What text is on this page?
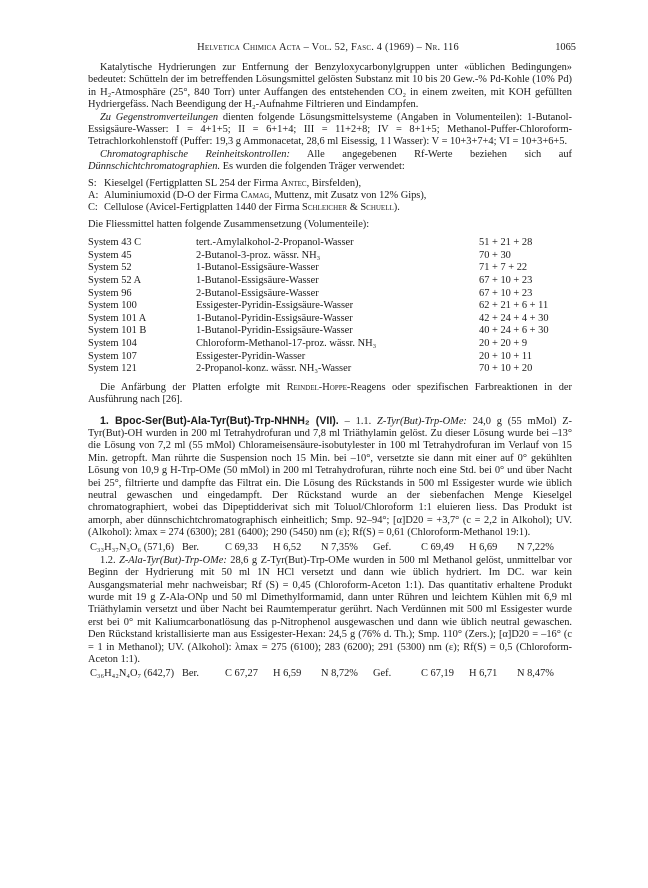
Helvetica Chimica Acta – Vol. 52, Fasc. 4 (1969) – Nr. 116	1065

Katalytische Hydrierungen zur Entfernung der Benzyloxycarbonylgruppen unter «üblichen Bedingungen» bedeutet: Schütteln der im betreffenden Lösungsmittel gelösten Substanz mit 10 bis 20 Gew.-% Pd-Kohle (10% Pd) in H₂-Atmosphäre (25°, 840 Torr) unter Auffangen des entstehenden CO₂ in einem zweiten, mit KOH gefüllten Hydriergefäss. Nach Beendigung der H₂-Aufnahme Filtrieren und Eindampfen.

Zu Gegenstromverteilungen dienten folgende Lösungsmittelsysteme (Angaben in Volumenteilen): 1-Butanol-Essigsäure-Wasser: I = 4+1+5; II = 6+1+4; III = 11+2+8; IV = 8+1+5; Methanol-Puffer-Chloroform-Tetrachlorkohlenstoff (Puffer: 19,3 g Ammonacetat, 28,6 ml Eisessig, 1 l Wasser): V = 10+3+7+4; VI = 10+3+6+5.

Chromatographische Reinheitskontrollen: Alle angegebenen Rf-Werte beziehen sich auf Dünnschichtchromatographien. Es wurden die folgenden Träger verwendet:

S: Kieselgel (Fertigplatten SL 254 der Firma Antec, Birsfelden),
A: Aluminiumoxid (D-O der Firma Camag, Muttenz, mit Zusatz von 12% Gips),
C: Cellulose (Avicel-Fertigplatten 1440 der Firma Schleicher & Schuell).

Die Fliessmittel hatten folgende Zusammensetzung (Volumenteile):

System 43 C	tert.-Amylalkohol-2-Propanol-Wasser	51 + 21 + 28
System 45	2-Butanol-3-proz. wässr. NH₃	70 + 30
System 52	1-Butanol-Essigsäure-Wasser	71 + 7 + 22
System 52 A	1-Butanol-Essigsäure-Wasser	67 + 10 + 23
System 96	2-Butanol-Essigsäure-Wasser	67 + 10 + 23
System 100	Essigester-Pyridin-Essigsäure-Wasser	62 + 21 + 6 + 11
System 101 A	1-Butanol-Pyridin-Essigsäure-Wasser	42 + 24 + 4 + 30
System 101 B	1-Butanol-Pyridin-Essigsäure-Wasser	40 + 24 + 6 + 30
System 104	Chloroform-Methanol-17-proz. wässr. NH₃	20 + 20 + 9
System 107	Essigester-Pyridin-Wasser	20 + 10 + 11
System 121	2-Propanol-konz. wässr. NH₃-Wasser	70 + 10 + 20

Die Anfärbung der Platten erfolgte mit Reindel-Hoppe-Reagens oder spezifischen Farbreaktionen in der Ausführung nach [26].

1. Bpoc-Ser(But)-Ala-Tyr(But)-Trp-NHNH₂ (VII). – 1.1. Z-Tyr(But)-Trp-OMe: 24,0 g (55 mMol) Z-Tyr(But)-OH wurden in 200 ml Tetrahydrofuran und 7,8 ml Triäthylamin gelöst. Zu dieser Lösung wurde bei –13° die Lösung von 7,2 ml (55 mMol) Chlorameisensäure-isobutylester in 100 ml Tetrahydrofuran im Verlauf von 15 Min. getropft. Man rührte die Suspension noch 15 Min. bei –10°, versetzte sie dann mit einer auf 0° gekühlten Lösung von 10,9 g H-Trp-OMe (50 mMol) in 200 ml Tetrahydrofuran, rührte noch eine Std. bei 0° und über Nacht bei 25°, filtrierte und dampfte das Filtrat ein. Die Lösung des Rückstands in 500 ml Essigester wurde wie üblich neutral gewaschen und eingedampft. Der Rückstand wurde an der siebenfachen Menge Kieselgel chromatographiert, wobei das Dipeptidderivat sich mit Toluol/Chloroform 1:1 eluieren liess. Das Produkt ist amorph, aber dünnschichtchromatographisch einheitlich; Smp. 92–94°; [α]D20 = +3,7° (c = 2,2 in Alkohol); UV. (Alkohol): λmax = 274 (6300); 281 (6400); 290 (5450) nm (ε); Rf(S) = 0,61 (Chloroform-Methanol 19:1).

C₃₃H₃₇N₃O₆ (571,6) Ber.	C 69,33	H 6,52	N 7,35%	Gef.	C 69,49	H 6,69	N 7,22%

1.2. Z-Ala-Tyr(But)-Trp-OMe: 28,6 g Z-Tyr(But)-Trp-OMe wurden in 500 ml Methanol gelöst, unmittelbar vor Beginn der Hydrierung mit 50 ml 1N HCl versetzt und dann wie üblich hydriert. Im DC. war kein Ausgangsmaterial mehr nachweisbar; Rf (S) = 0,45 (Chloroform-Aceton 1:1). Das quantitativ erhaltene Produkt wurde mit 19 g Z-Ala-ONp und 50 ml Dimethylformamid, dann unter Rühren und leichtem Kühlen mit 6,9 ml Triäthylamin versetzt und über Nacht bei Raumtemperatur gerührt. Nach Verdünnen mit 500 ml Essigester wurde erst bei 0° mit Kaliumcarbonatlösung das p-Nitrophenol ausgewaschen und dann wie üblich neutral gewaschen. Den Rückstand kristallisierte man aus Essigester-Hexan: 24,5 g (76% d. Th.); Smp. 110° (Zers.); [α]D20 = –16° (c = 1 in Methanol); UV. (Alkohol): λmax = 275 (6100); 283 (6200); 291 (5300) nm (ε); Rf(S) = 0,5 (Chloroform-Aceton 1:1).

C₃₆H₄₂N₄O₇ (642,7) Ber.	C 67,27	H 6,59	N 8,72%	Gef.	C 67,19	H 6,71	N 8,47%
